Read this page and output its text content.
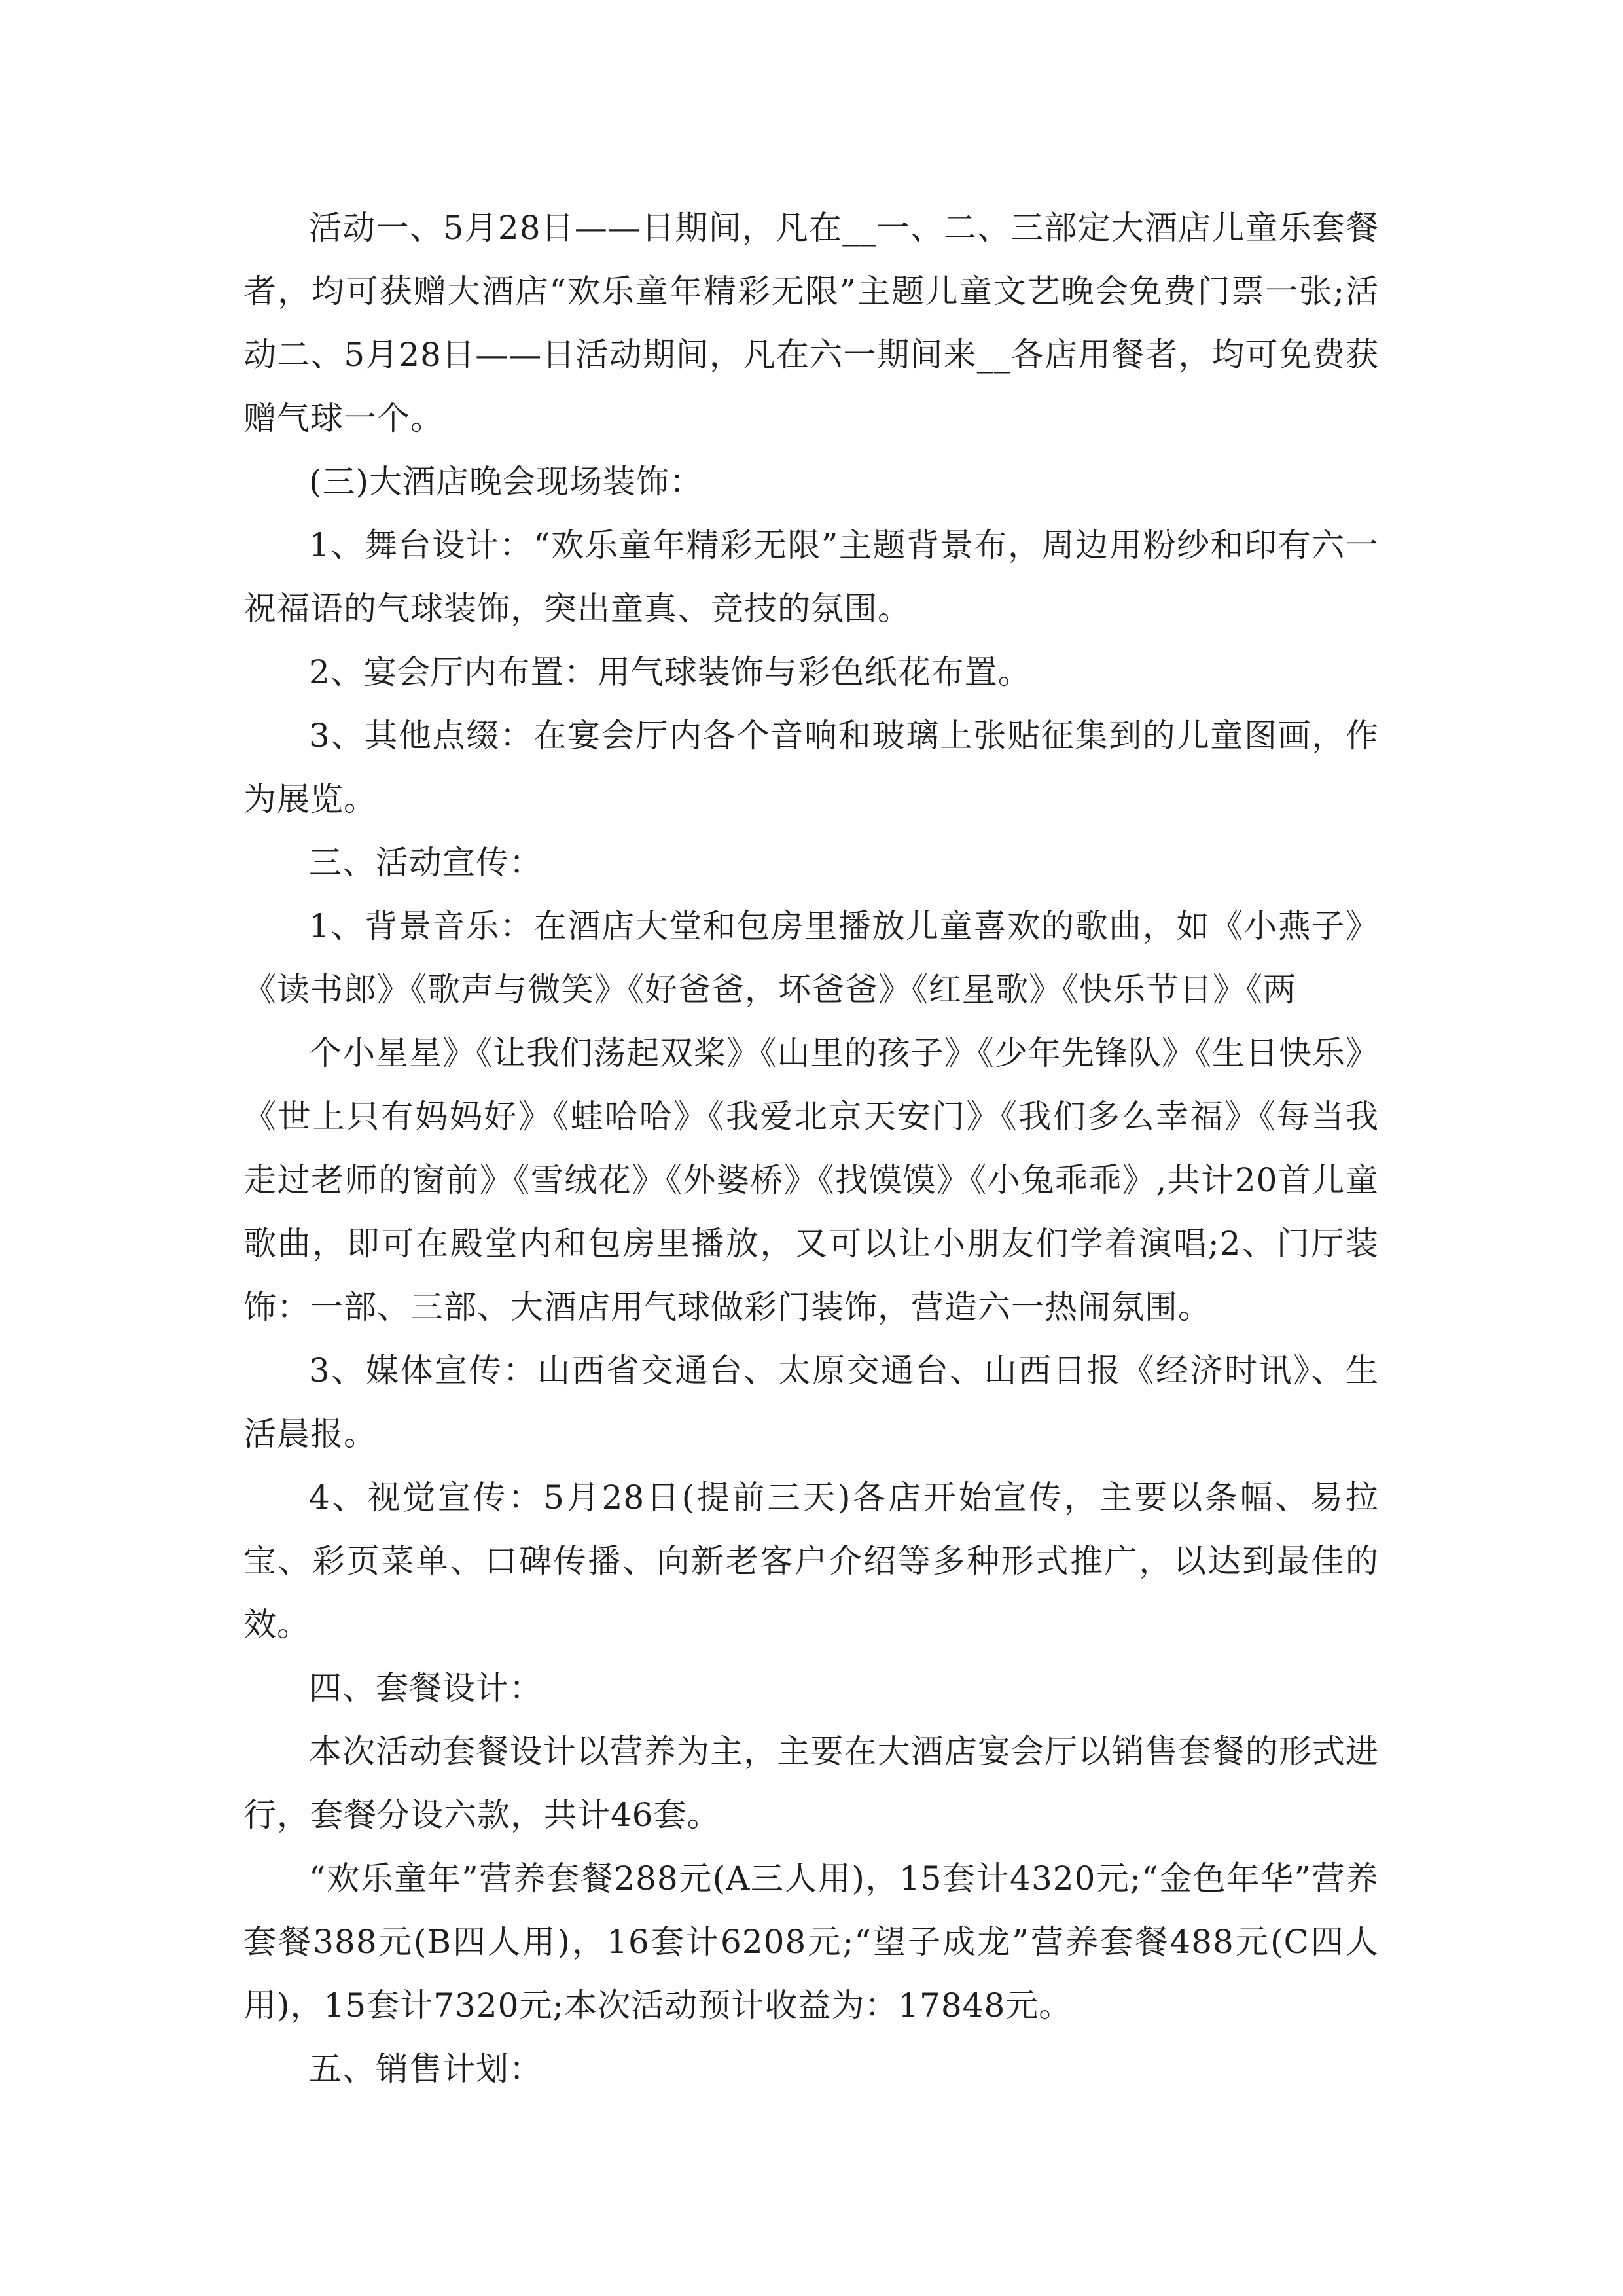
活动一、5月28日——日期间，凡在__一、二、三部定大酒店儿童乐套餐者，均可获赠大酒店“欢乐童年精彩无限”主题儿童文艺晚会免费门票一张;活动二、5月28日——日活动期间，凡在六一期间来__各店用餐者，均可免费获赠气球一个。

(三)大酒店晚会现场装饰：

1、舞台设计：“欢乐童年精彩无限”主题背景布，周边用粉纱和印有六一祝福语的气球装饰，突出童真、竞技的氛围。

2、宴会厅内布置：用气球装饰与彩色纸花布置。

3、其他点缀：在宴会厅内各个音响和玻璃上张贴征集到的儿童图画，作为展览。

三、活动宣传：

1、背景音乐：在酒店大堂和包房里播放儿童喜欢的歌曲，如《小燕子》《读书郎》《歌声与微笑》《好爸爸，坏爸爸》《红星歌》《快乐节日》《两

个小星星》《让我们荡起双桨》《山里的孩子》《少年先锋队》《生日快乐》《世上只有妈妈好》《蛙哈哈》《我爱北京天安门》《我们多么幸福》《每当我走过老师的窗前》《雪绒花》《外婆桥》《找馍馍》《小兔乖乖》,共计20首儿童歌曲，即可在殿堂内和包房里播放，又可以让小朋友们学着演唱;2、门厅装饰：一部、三部、大酒店用气球做彩门装饰，营造六一热闹氛围。

3、媒体宣传：山西省交通台、太原交通台、山西日报《经济时讯》、生活晨报。

4、视觉宣传：5月28日(提前三天)各店开始宣传，主要以条幅、易拉宝、彩页菜单、口碑传播、向新老客户介绍等多种形式推广，以达到最佳的效。

四、套餐设计：

本次活动套餐设计以营养为主，主要在大酒店宴会厅以销售套餐的形式进行，套餐分设六款，共计46套。

“欢乐童年”营养套餐288元(A三人用)，15套计4320元;“金色年华”营养套餐388元(B四人用)，16套计6208元;“望子成龙”营养套餐488元(C四人用)，15套计7320元;本次活动预计收益为：17848元。

五、销售计划：
